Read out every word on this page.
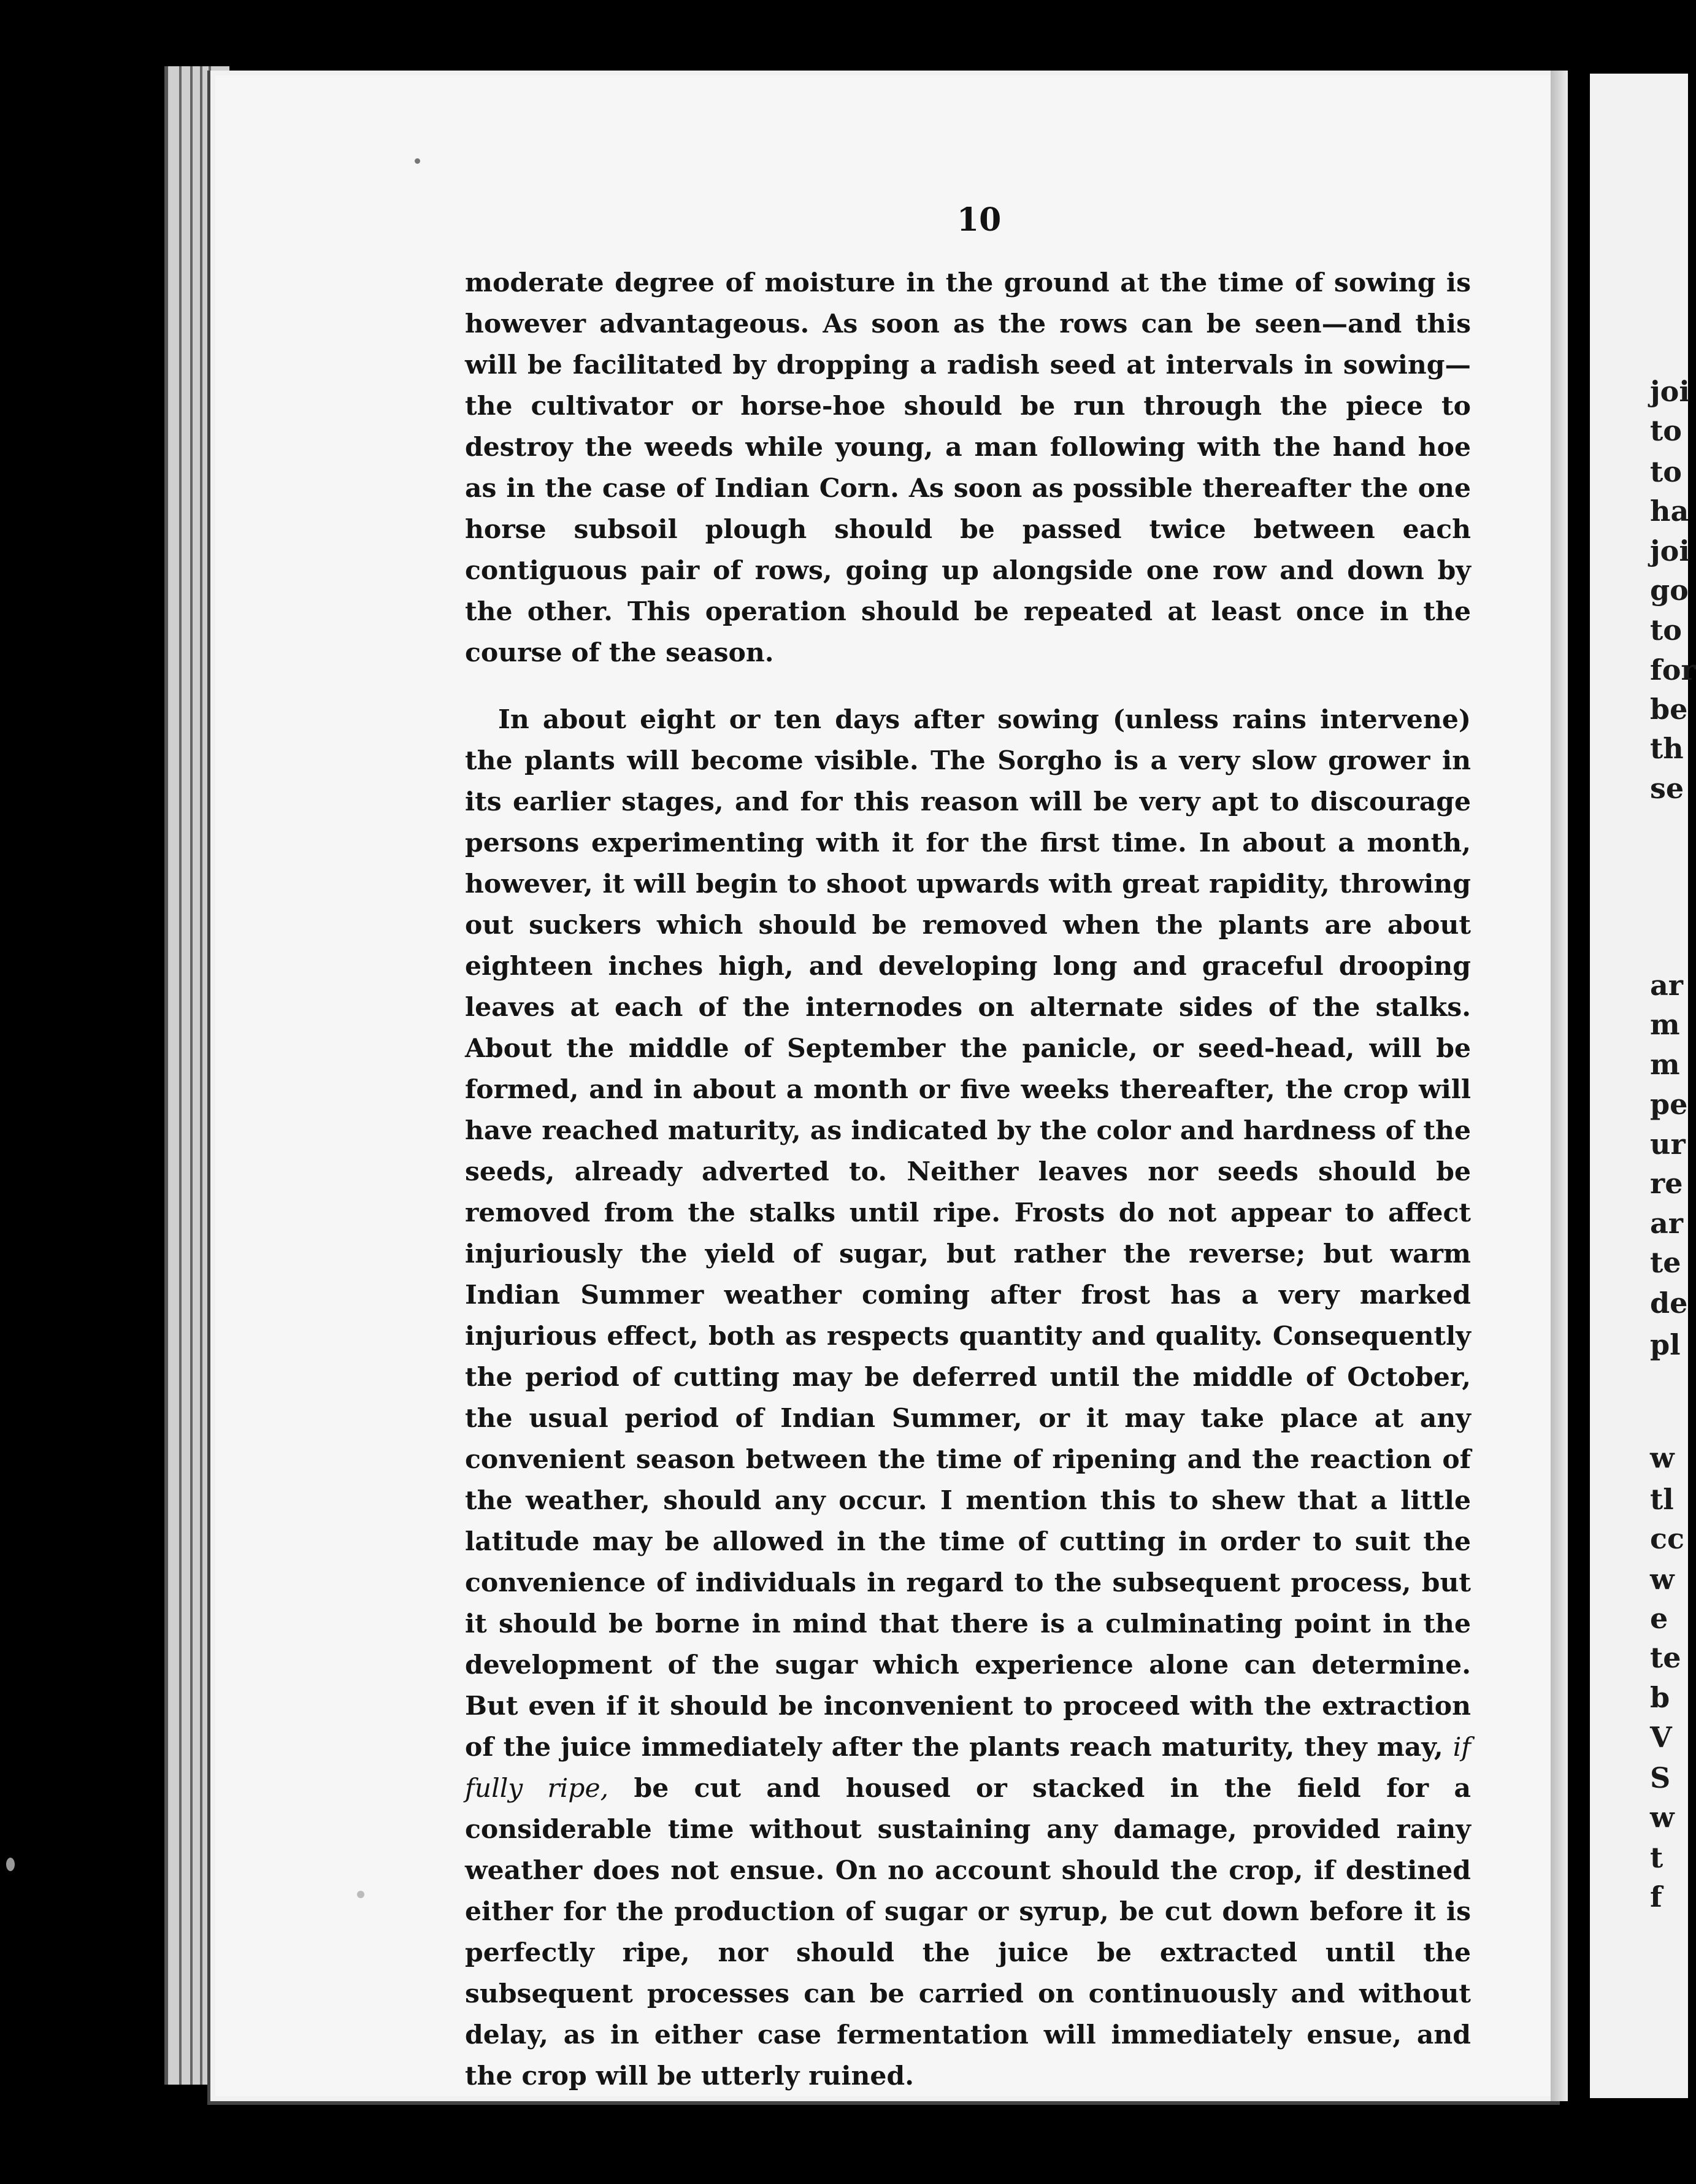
joi
to
to
ha
joi
go
to
for
be
th
se
ar
m
m
pe
ur
re
ar
te
de
pl
w
tl
cc
w
e
te
b
V
S
w
t
f
10

moderate degree of moisture in the ground at the time of sowing is however advantageous. As soon as the rows can be seen—and this will be facilitated by dropping a radish seed at intervals in sowing—the cultivator or horse-hoe should be run through the piece to destroy the weeds while young, a man following with the hand hoe as in the case of Indian Corn. As soon as possible thereafter the one horse subsoil plough should be passed twice between each contiguous pair of rows, going up alongside one row and down by the other. This operation should be repeated at least once in the course of the season.

In about eight or ten days after sowing (unless rains intervene) the plants will become visible. The Sorgho is a very slow grower in its earlier stages, and for this reason will be very apt to discourage persons experimenting with it for the first time. In about a month, however, it will begin to shoot upwards with great rapidity, throwing out suckers which should be removed when the plants are about eighteen inches high, and developing long and graceful drooping leaves at each of the internodes on alternate sides of the stalks. About the middle of September the panicle, or seed-head, will be formed, and in about a month or five weeks thereafter, the crop will have reached maturity, as indicated by the color and hardness of the seeds, already adverted to. Neither leaves nor seeds should be removed from the stalks until ripe. Frosts do not appear to affect injuriously the yield of sugar, but rather the reverse; but warm Indian Summer weather coming after frost has a very marked injurious effect, both as respects quantity and quality. Consequently the period of cutting may be deferred until the middle of October, the usual period of Indian Summer, or it may take place at any convenient season between the time of ripening and the reaction of the weather, should any occur. I mention this to shew that a little latitude may be allowed in the time of cutting in order to suit the convenience of individuals in regard to the subsequent process, but it should be borne in mind that there is a culminating point in the development of the sugar which experience alone can determine. But even if it should be inconvenient to proceed with the extraction of the juice immediately after the plants reach maturity, they may, if fully ripe, be cut and housed or stacked in the field for a considerable time without sustaining any damage, provided rainy weather does not ensue. On no account should the crop, if destined either for the production of sugar or syrup, be cut down before it is perfectly ripe, nor should the juice be extracted until the subsequent processes can be carried on continuously and without delay, as in either case fermentation will immediately ensue, and the crop will be utterly ruined.
